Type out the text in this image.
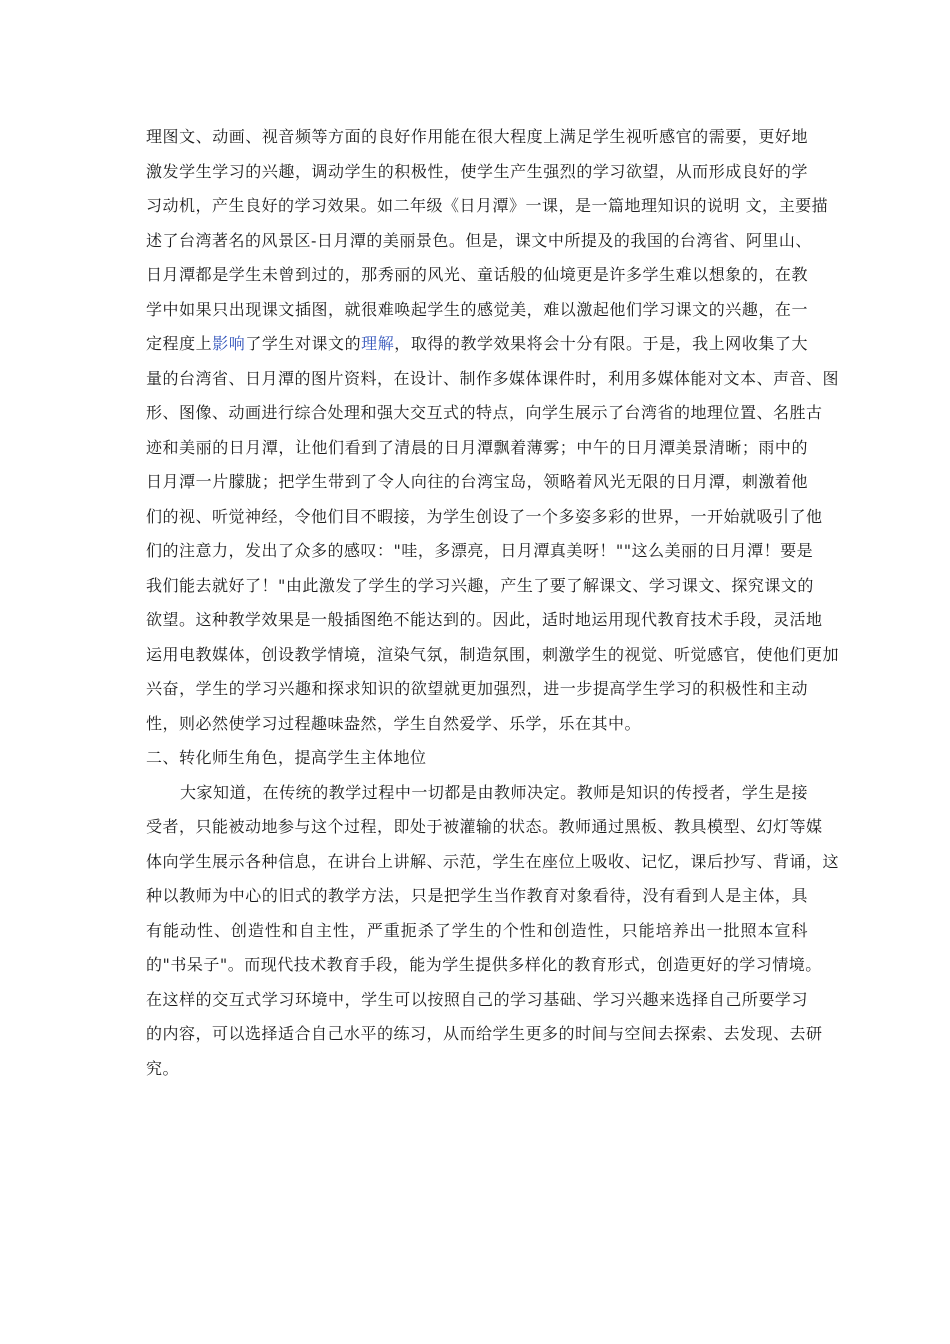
理图文、动画、视音频等方面的良好作用能在很大程度上满足学生视听感官的需要，更好地
激发学生学习的兴趣，调动学生的积极性，使学生产生强烈的学习欲望，从而形成良好的学
习动机，产生良好的学习效果。如二年级《日月潭》一课，是一篇地理知识的说明 文，主要描
述了台湾著名的风景区-日月潭的美丽景色。但是，课文中所提及的我国的台湾省、阿里山、
日月潭都是学生未曾到过的，那秀丽的风光、童话般的仙境更是许多学生难以想象的，在教
学中如果只出现课文插图，就很难唤起学生的感觉美，难以激起他们学习课文的兴趣，在一
定程度上影响了学生对课文的理解，取得的教学效果将会十分有限。于是，我上网收集了大
量的台湾省、日月潭的图片资料，在设计、制作多媒体课件时，利用多媒体能对文本、声音、图
形、图像、动画进行综合处理和强大交互式的特点，向学生展示了台湾省的地理位置、名胜古
迹和美丽的日月潭，让他们看到了清晨的日月潭飘着薄雾；中午的日月潭美景清晰；雨中的
日月潭一片朦胧；把学生带到了令人向往的台湾宝岛，领略着风光无限的日月潭，刺激着他
们的视、听觉神经，令他们目不暇接，为学生创设了一个多姿多彩的世界，一开始就吸引了他
们的注意力，发出了众多的感叹："哇，多漂亮，日月潭真美呀！""这么美丽的日月潭！要是
我们能去就好了！"由此激发了学生的学习兴趣，产生了要了解课文、学习课文、探究课文的
欲望。这种教学效果是一般插图绝不能达到的。因此，适时地运用现代教育技术手段，灵活地
运用电教媒体，创设教学情境，渲染气氛，制造氛围，刺激学生的视觉、听觉感官，使他们更加
兴奋，学生的学习兴趣和探求知识的欲望就更加强烈，进一步提高学生学习的积极性和主动
性，则必然使学习过程趣味盎然，学生自然爱学、乐学，乐在其中。
二、转化师生角色，提高学生主体地位
大家知道，在传统的教学过程中一切都是由教师决定。教师是知识的传授者，学生是接
受者，只能被动地参与这个过程，即处于被灌输的状态。教师通过黑板、教具模型、幻灯等媒
体向学生展示各种信息，在讲台上讲解、示范，学生在座位上吸收、记忆，课后抄写、背诵，这
种以教师为中心的旧式的教学方法，只是把学生当作教育对象看待，没有看到人是主体，具
有能动性、创造性和自主性，严重扼杀了学生的个性和创造性，只能培养出一批照本宣科
的"书呆子"。而现代技术教育手段，能为学生提供多样化的教育形式，创造更好的学习情境。
在这样的交互式学习环境中，学生可以按照自己的学习基础、学习兴趣来选择自己所要学习
的内容，可以选择适合自己水平的练习，从而给学生更多的时间与空间去探索、去发现、去研
究。
